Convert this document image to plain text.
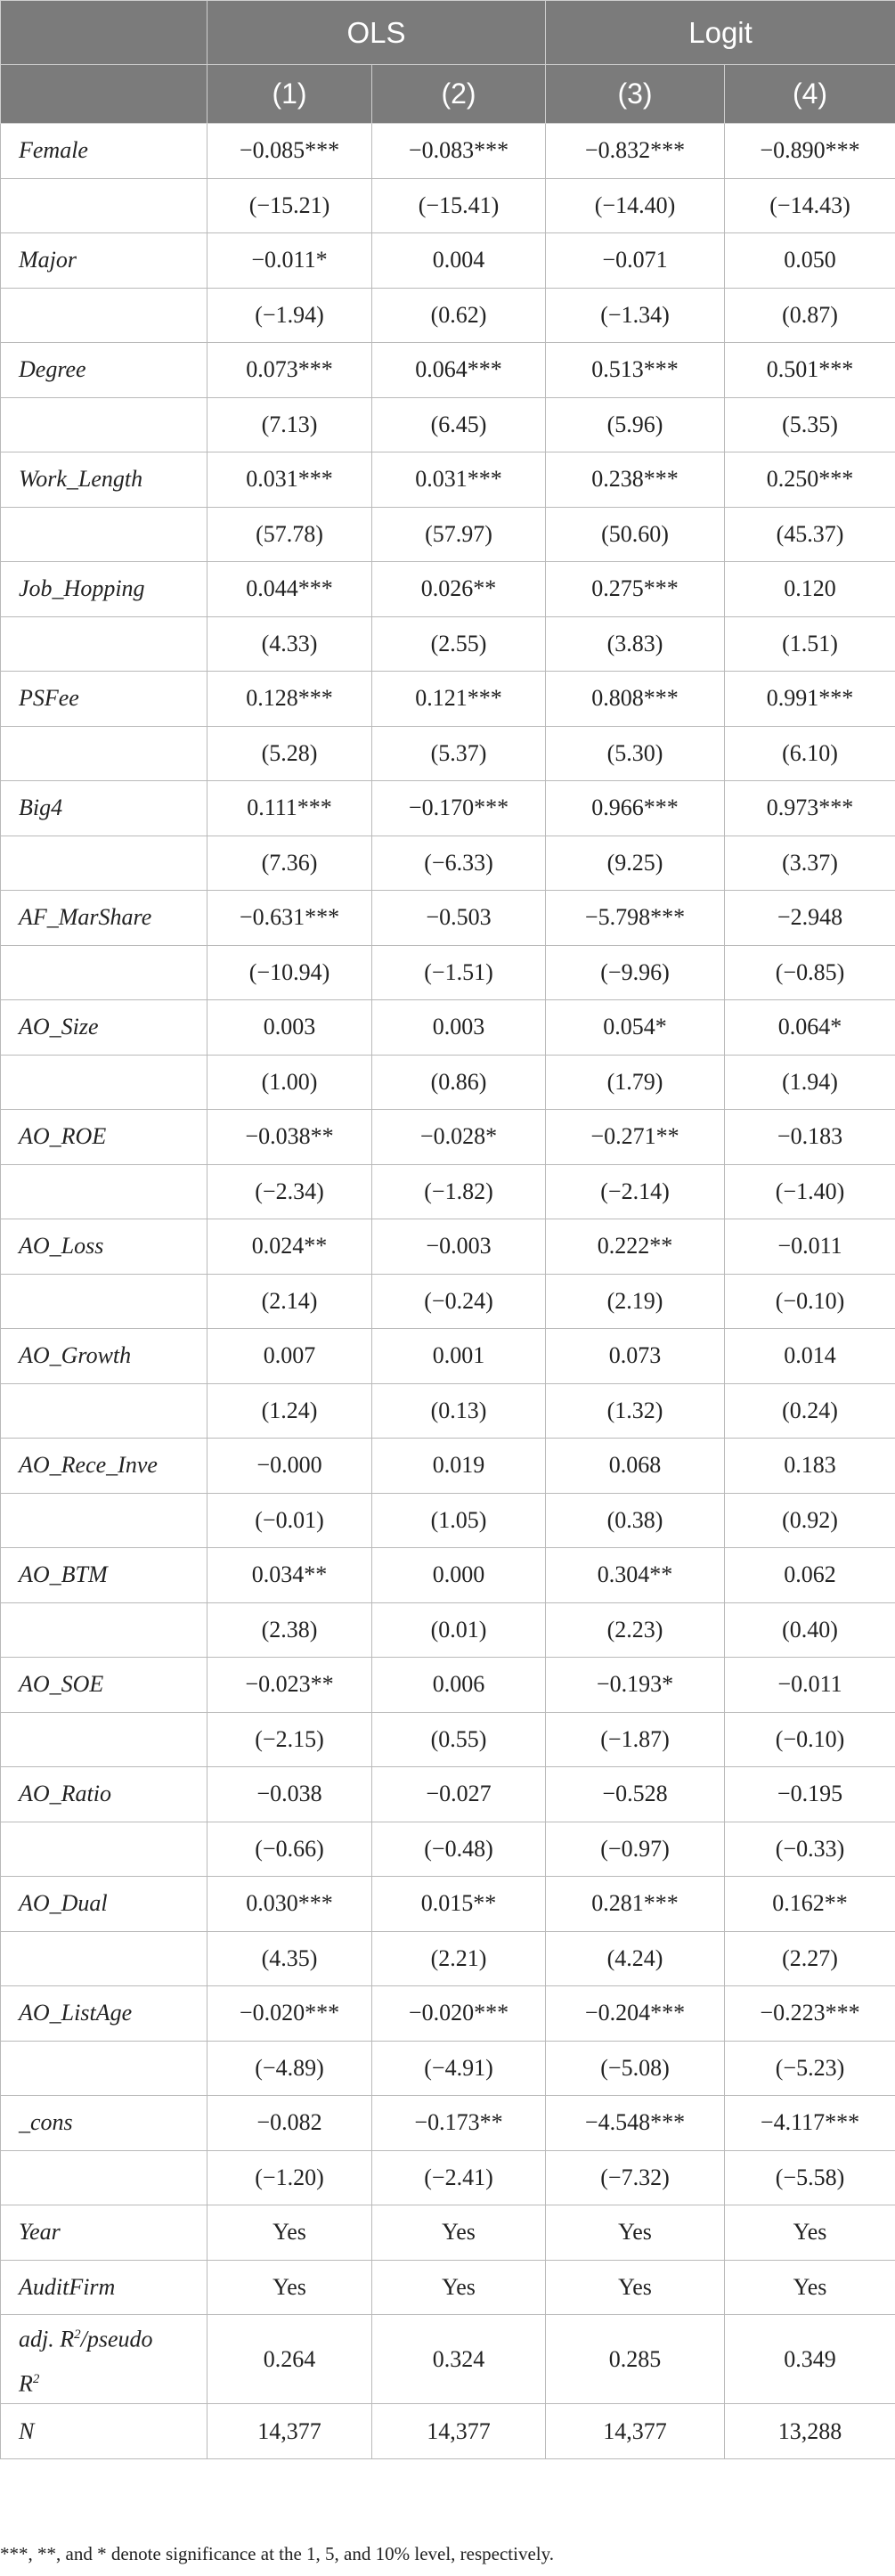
	OLS		Logit	
	(1)	(2)	(3)	(4)
Female	−0.085***	−0.083***	−0.832***	−0.890***
	(−15.21)	(−15.41)	(−14.40)	(−14.43)
Major	−0.011*	0.004	−0.071	0.050
	(−1.94)	(0.62)	(−1.34)	(0.87)
Degree	0.073***	0.064***	0.513***	0.501***
	(7.13)	(6.45)	(5.96)	(5.35)
Work_Length	0.031***	0.031***	0.238***	0.250***
	(57.78)	(57.97)	(50.60)	(45.37)
Job_Hopping	0.044***	0.026**	0.275***	0.120
	(4.33)	(2.55)	(3.83)	(1.51)
PSFee	0.128***	0.121***	0.808***	0.991***
	(5.28)	(5.37)	(5.30)	(6.10)
Big4	0.111***	−0.170***	0.966***	0.973***
	(7.36)	(−6.33)	(9.25)	(3.37)
AF_MarShare	−0.631***	−0.503	−5.798***	−2.948
	(−10.94)	(−1.51)	(−9.96)	(−0.85)
AO_Size	0.003	0.003	0.054*	0.064*
	(1.00)	(0.86)	(1.79)	(1.94)
AO_ROE	−0.038**	−0.028*	−0.271**	−0.183
	(−2.34)	(−1.82)	(−2.14)	(−1.40)
AO_Loss	0.024**	−0.003	0.222**	−0.011
	(2.14)	(−0.24)	(2.19)	(−0.10)
AO_Growth	0.007	0.001	0.073	0.014
	(1.24)	(0.13)	(1.32)	(0.24)
AO_Rece_Inve	−0.000	0.019	0.068	0.183
	(−0.01)	(1.05)	(0.38)	(0.92)
AO_BTM	0.034**	0.000	0.304**	0.062
	(2.38)	(0.01)	(2.23)	(0.40)
AO_SOE	−0.023**	0.006	−0.193*	−0.011
	(−2.15)	(0.55)	(−1.87)	(−0.10)
AO_Ratio	−0.038	−0.027	−0.528	−0.195
	(−0.66)	(−0.48)	(−0.97)	(−0.33)
AO_Dual	0.030***	0.015**	0.281***	0.162**
	(4.35)	(2.21)	(4.24)	(2.27)
AO_ListAge	−0.020***	−0.020***	−0.204***	−0.223***
	(−4.89)	(−4.91)	(−5.08)	(−5.23)
_cons	−0.082	−0.173**	−4.548***	−4.117***
	(−1.20)	(−2.41)	(−7.32)	(−5.58)
Year	Yes	Yes	Yes	Yes
AuditFirm	Yes	Yes	Yes	Yes
adj. $R^2$/pseudo
$R^2$	0.264	0.324	0.285	0.349
N	14,377	14,377	14,377	13,288
***, **, and * denote significance at the 1, 5, and 10% level, respectively.
